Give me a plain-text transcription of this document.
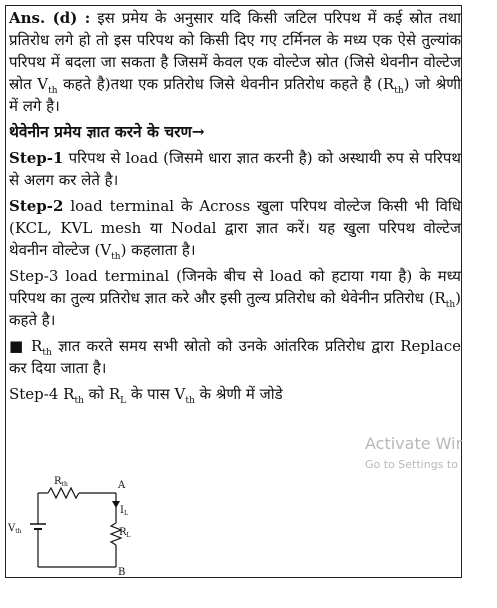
Ans. (d) : इस प्रमेय के अनुसार यदि किसी जटिल परिपथ में कई स्रोत तथा प्रतिरोध लगे हो तो इस परिपथ को किसी दिए गए टर्मिनल के मध्य एक ऐसे तुल्यांक परिपथ में बदला जा सकता है जिसमें केवल एक वोल्टेज स्रोत (जिसे थेवनीन वोल्टेज स्रोत $V_{th}$ कहते है)तथा एक प्रतिरोध जिसे थेवनीन प्रतिरोध कहते है $(R_{th})$ जो श्रेणी में लगे है।

थेवेनीन प्रमेय ज्ञात करने के चरण→

Step-1 परिपथ से load (जिसमे धारा ज्ञात करनी है) को अस्थायी रुप से परिपथ से अलग कर लेते है।

Step-2 load terminal के Across खुला परिपथ वोल्टेज किसी भी विधि (KCL, KVL mesh या Nodal द्वारा ज्ञात करें। यह खुला परिपथ वोल्टेज थेवनीन वोल्टेज $(V_{th})$ कहलाता है।

Step-3 load terminal (जिनके बीच से load को हटाया गया है) के मध्य परिपथ का तुल्य प्रतिरोध ज्ञात करे और इसी तुल्य प्रतिरोध को थेवेनीन प्रतिरोध $(R_{th})$ कहते है।

■ $R_{th}$ ज्ञात करते समय सभी स्रोतो को उनके आंतरिक प्रतिरोध द्वारा Replace कर दिया जाता है।

Step-4 $R_{th}$ को $R_L$ के पास $V_{th}$ के श्रेणी में जोडे

Activate Wir
Go to Settings to
$R_{th}$
$V_{th}$
A
$I_L$
$R_L$
B
